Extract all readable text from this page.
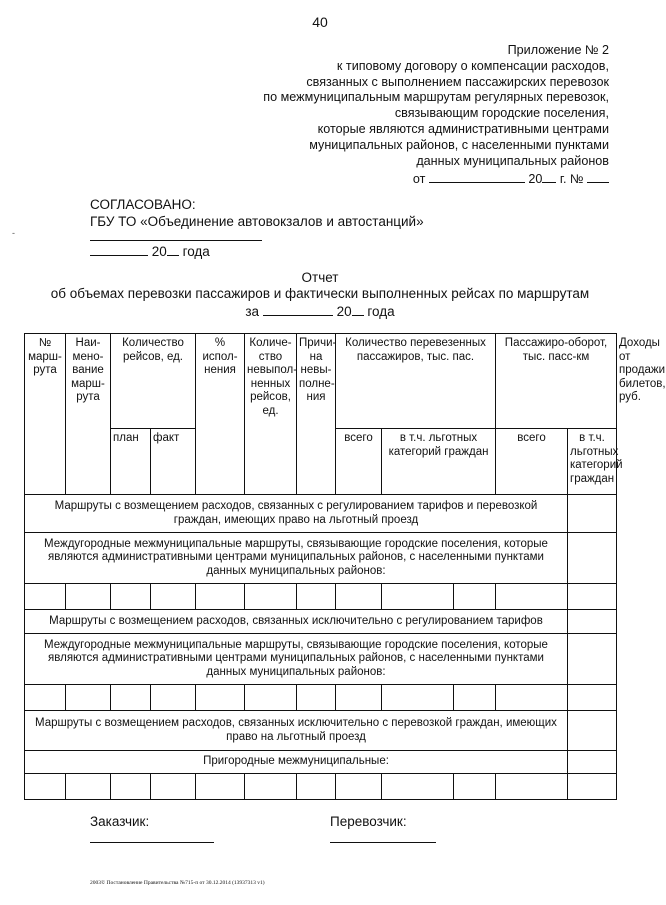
40
-
Приложение № 2
к типовому договору о компенсации расходов,
связанных с выполнением пассажирских перевозок
по межмуниципальным маршрутам регулярных перевозок,
связывающим городские поселения,
которые являются административными центрами
муниципальных районов, с населенными пунктами
данных муниципальных районов
от	20 г. №
СОГЛАСОВАНО:
ГБУ ТО «Объединение автовокзалов и автостанций»
20 года
Отчет
об объемах перевозки пассажиров и фактически выполненных рейсах по маршрутам
за	20 года
№ марш-рута	Наи-мено-вание марш-рута	Количество рейсов, ед.		% испол-нения	Количе-ство невыпол-ненных рейсов, ед.	Причи-на невы-полне-ния	Количество перевезенных пассажиров, тыс. пас.			Пассажиро-оборот, тыс. пасс-км		Доходы от продажи билетов, руб.
		план	факт				всего	в т.ч. льготных категорий граждан		всего	в т.ч. льготных категорий граждан	
Маршруты с возмещением расходов, связанных с регулированием тарифов и перевозкой граждан, имеющих право на льготный проезд												
Междугородные межмуниципальные маршруты, связывающие городские поселения, которые являются административными центрами муниципальных районов, с населенными пунктами данных муниципальных районов:												

Маршруты с возмещением расходов, связанных исключительно с регулированием тарифов												
Междугородные межмуниципальные маршруты, связывающие городские поселения, которые являются административными центрами муниципальных районов, с населенными пунктами данных муниципальных районов:												

Маршруты с возмещением расходов, связанных исключительно с перевозкой граждан, имеющих право на льготный проезд												
Пригородные межмуниципальные:												

Заказчик:	Перевозчик:
2003© Постановление Правительства №715-п от 30.12.2014 (13937313 v1)
